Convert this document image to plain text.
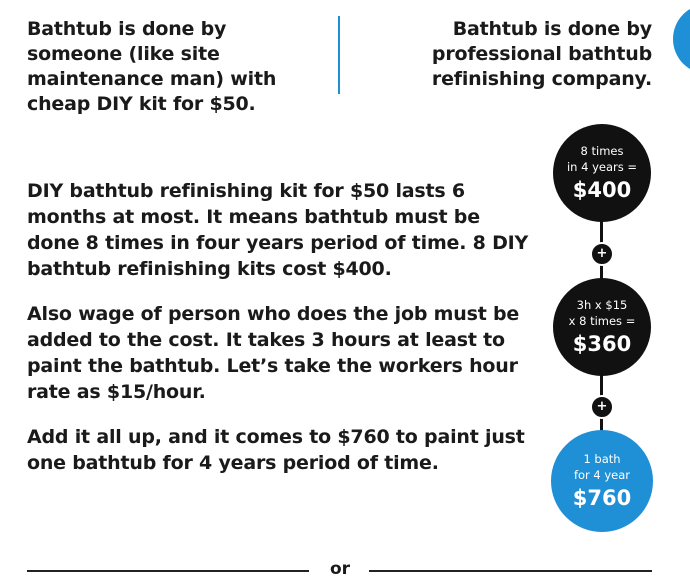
Bathtub is done by someone (like site maintenance man) with cheap DIY kit for $50.
Bathtub is done by professional bathtub refinishing company.
DIY bathtub refinishing kit for $50 lasts 6 months at most. It means bathtub must be done 8 times in four years period of time. 8 DIY bathtub refinishing kits cost $400.
Also wage of person who does the job must be added to the cost. It takes 3 hours at least to paint the bathtub. Let’s take the workers hour rate as $15/hour.
Add it all up, and it comes to $760 to paint just one bathtub for 4 years period of time.
8 times
in 4 years =
$400
+
3h x $15
x 8 times =
$360
+
1 bath
for 4 year
$760
or
